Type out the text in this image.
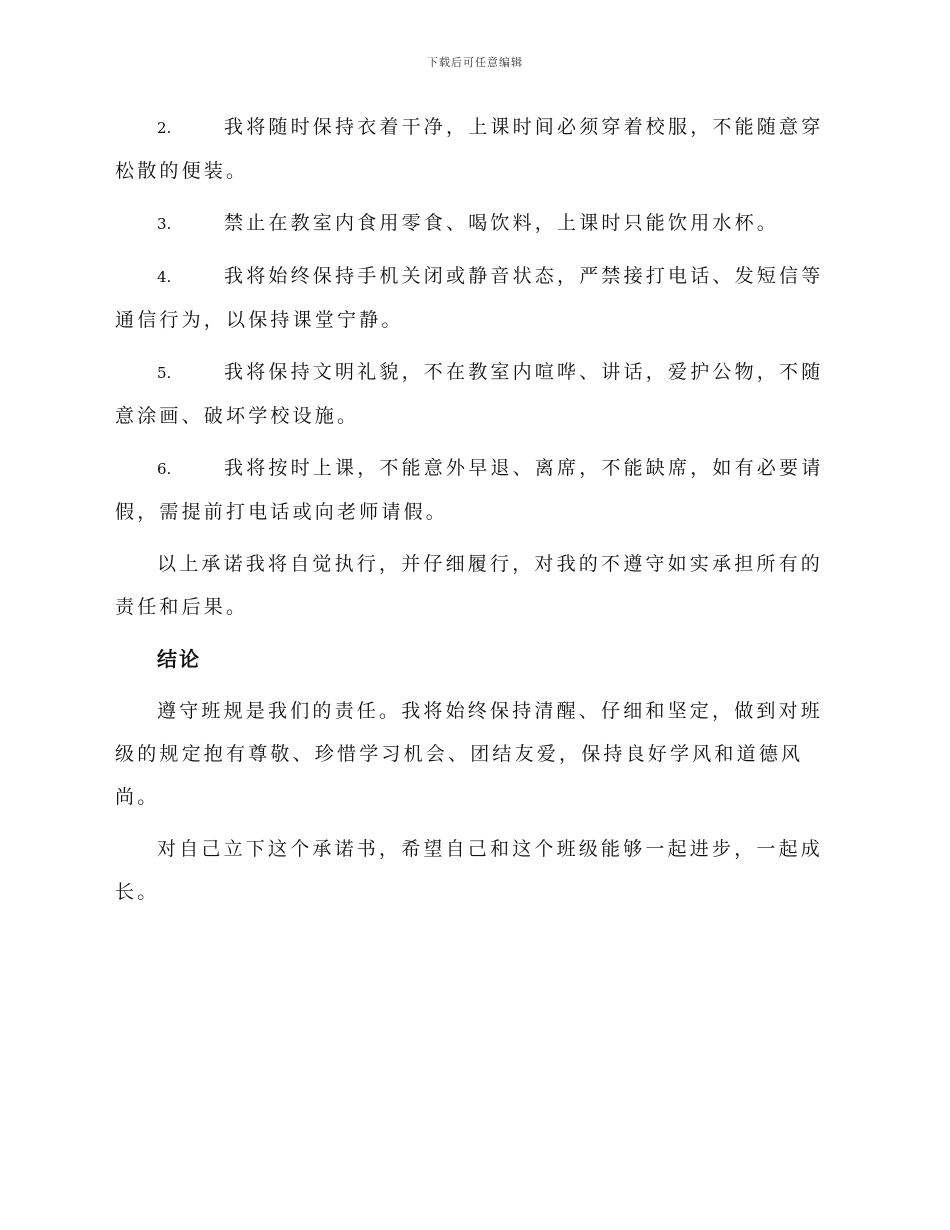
下载后可任意编辑
2.	我将随时保持衣着干净，上课时间必须穿着校服，不能随意穿松散的便装。
3.	禁止在教室内食用零食、喝饮料，上课时只能饮用水杯。
4.	我将始终保持手机关闭或静音状态，严禁接打电话、发短信等通信行为，以保持课堂宁静。
5.	我将保持文明礼貌，不在教室内喧哗、讲话，爱护公物，不随意涂画、破坏学校设施。
6.	我将按时上课，不能意外早退、离席，不能缺席，如有必要请假，需提前打电话或向老师请假。
以上承诺我将自觉执行，并仔细履行，对我的不遵守如实承担所有的责任和后果。
结论
遵守班规是我们的责任。我将始终保持清醒、仔细和坚定，做到对班级的规定抱有尊敬、珍惜学习机会、团结友爱，保持良好学风和道德风尚。
对自己立下这个承诺书，希望自己和这个班级能够一起进步，一起成长。
